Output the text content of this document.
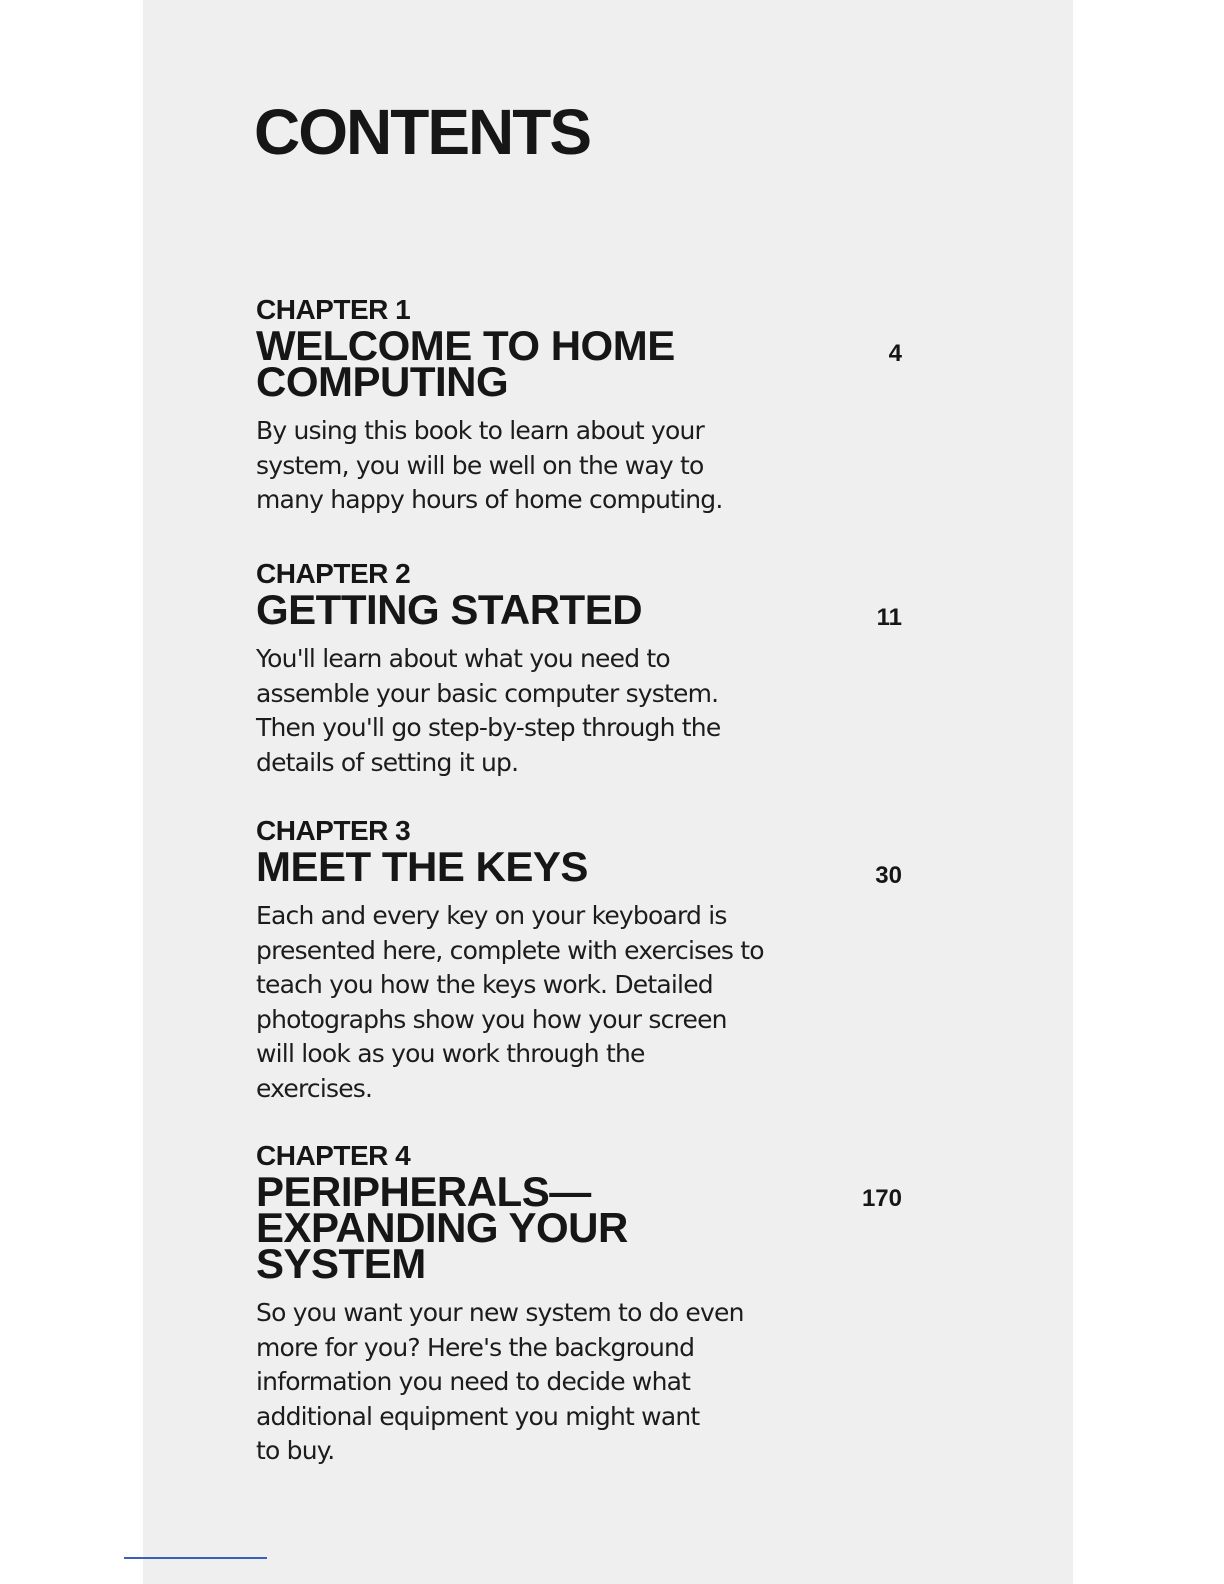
CONTENTS

CHAPTER 1

WELCOME TO HOME COMPUTING

By using this book to learn about your
system, you will be well on the way to
many happy hours of home computing.

4

CHAPTER 2

GETTING STARTED

You'll learn about what you need to
assemble your basic computer system.
Then you'll go step-by-step through the
details of setting it up.

11

CHAPTER 3

MEET THE KEYS

Each and every key on your keyboard is
presented here, complete with exercises to
teach you how the keys work. Detailed
photographs show you how your screen
will look as you work through the
exercises.

30

CHAPTER 4

PERIPHERALS— EXPANDING YOUR SYSTEM

So you want your new system to do even
more for you? Here's the background
information you need to decide what
additional equipment you might want
to buy.

170
